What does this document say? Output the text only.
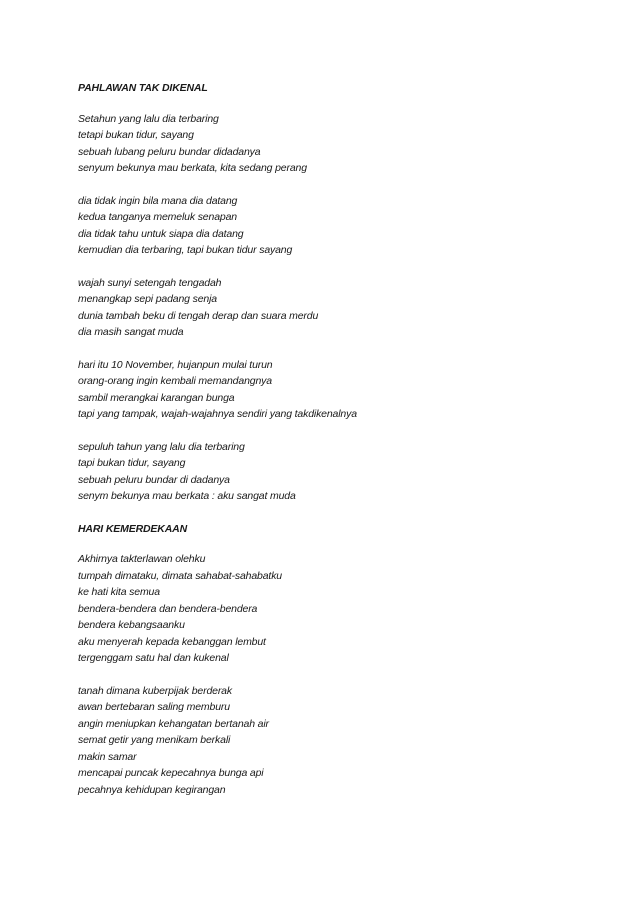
PAHLAWAN TAK DIKENAL
Setahun yang lalu dia terbaring
tetapi bukan tidur, sayang
sebuah lubang peluru bundar didadanya
senyum bekunya mau berkata, kita sedang perang
dia tidak ingin bila mana dia datang
kedua tanganya memeluk senapan
dia tidak tahu untuk siapa dia datang
kemudian dia terbaring, tapi bukan tidur sayang
wajah sunyi setengah tengadah
menangkap sepi padang senja
dunia tambah beku di tengah derap dan suara merdu
dia masih sangat muda
hari itu 10 November, hujanpun mulai turun
orang-orang ingin kembali memandangnya
sambil merangkai karangan bunga
tapi yang tampak, wajah-wajahnya sendiri yang takdikenalnya
sepuluh tahun yang lalu dia terbaring
tapi bukan tidur, sayang
sebuah peluru bundar di dadanya
senym bekunya mau berkata : aku sangat muda
HARI KEMERDEKAAN
Akhirnya takterlawan olehku
tumpah dimataku, dimata sahabat-sahabatku
ke hati kita semua
bendera-bendera dan bendera-bendera
bendera kebangsaanku
aku menyerah kepada kebanggan lembut
tergenggam satu hal dan kukenal
tanah dimana kuberpijak berderak
awan bertebaran saling memburu
angin meniupkan kehangatan bertanah air
semat getir yang menikam berkali
makin samar
mencapai puncak kepecahnya bunga api
pecahnya kehidupan kegirangan
